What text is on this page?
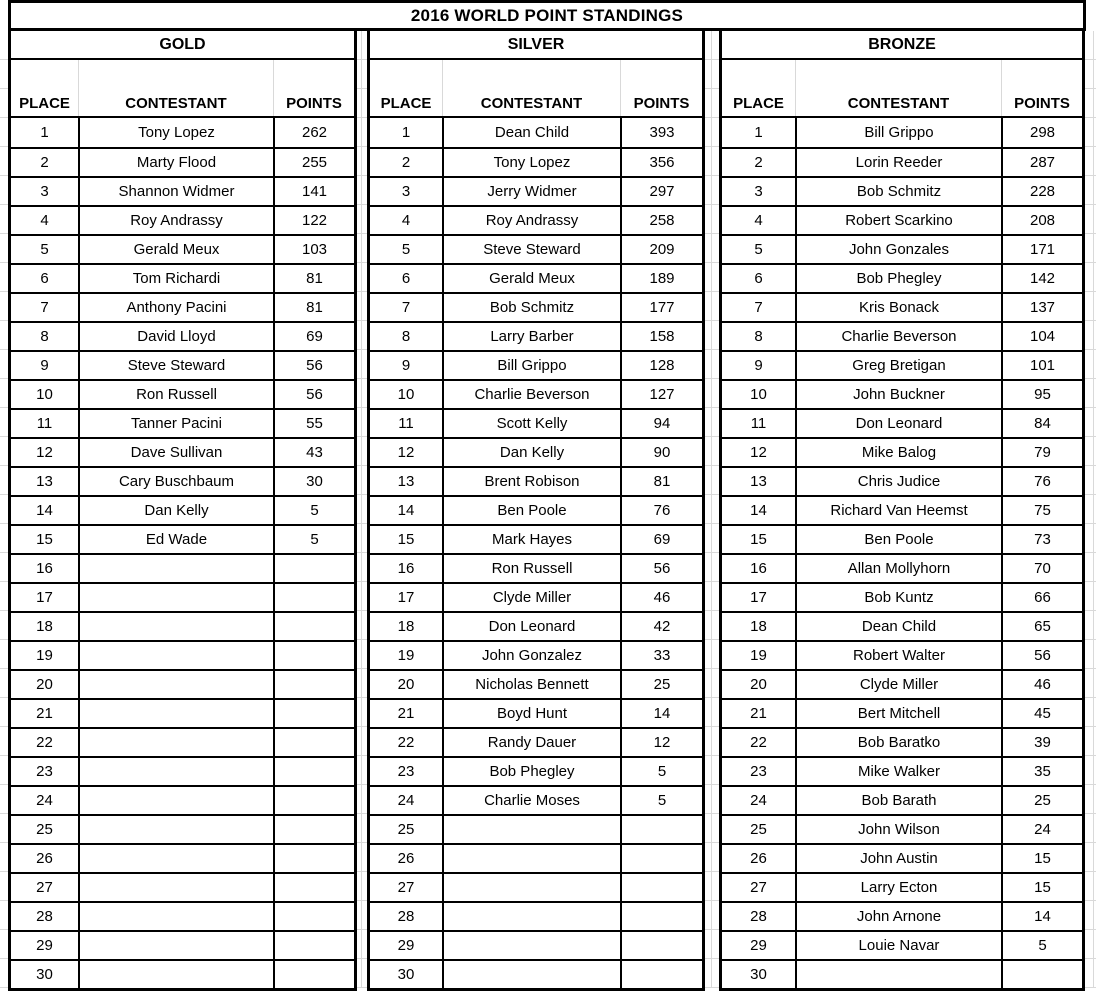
2016 WORLD POINT STANDINGS
GOLD
PLACE	CONTESTANT	POINTS
1	Tony Lopez	262
2	Marty Flood	255
3	Shannon Widmer	141
4	Roy Andrassy	122
5	Gerald Meux	103
6	Tom Richardi	81
7	Anthony Pacini	81
8	David Lloyd	69
9	Steve Steward	56
10	Ron Russell	56
11	Tanner Pacini	55
12	Dave Sullivan	43
13	Cary Buschbaum	30
14	Dan Kelly	5
15	Ed Wade	5
16
17
18
19
20
21
22
23
24
25
26
27
28
29
30
SILVER
PLACE	CONTESTANT	POINTS
1	Dean Child	393
2	Tony Lopez	356
3	Jerry Widmer	297
4	Roy Andrassy	258
5	Steve Steward	209
6	Gerald Meux	189
7	Bob Schmitz	177
8	Larry Barber	158
9	Bill Grippo	128
10	Charlie Beverson	127
11	Scott Kelly	94
12	Dan Kelly	90
13	Brent Robison	81
14	Ben Poole	76
15	Mark Hayes	69
16	Ron Russell	56
17	Clyde Miller	46
18	Don Leonard	42
19	John Gonzalez	33
20	Nicholas Bennett	25
21	Boyd Hunt	14
22	Randy Dauer	12
23	Bob Phegley	5
24	Charlie Moses	5
25
26
27
28
29
30
BRONZE
PLACE	CONTESTANT	POINTS
1	Bill Grippo	298
2	Lorin Reeder	287
3	Bob Schmitz	228
4	Robert Scarkino	208
5	John Gonzales	171
6	Bob Phegley	142
7	Kris Bonack	137
8	Charlie Beverson	104
9	Greg Bretigan	101
10	John Buckner	95
11	Don Leonard	84
12	Mike Balog	79
13	Chris Judice	76
14	Richard Van Heemst	75
15	Ben Poole	73
16	Allan Mollyhorn	70
17	Bob Kuntz	66
18	Dean Child	65
19	Robert Walter	56
20	Clyde Miller	46
21	Bert Mitchell	45
22	Bob Baratko	39
23	Mike Walker	35
24	Bob Barath	25
25	John Wilson	24
26	John Austin	15
27	Larry Ecton	15
28	John Arnone	14
29	Louie Navar	5
30
